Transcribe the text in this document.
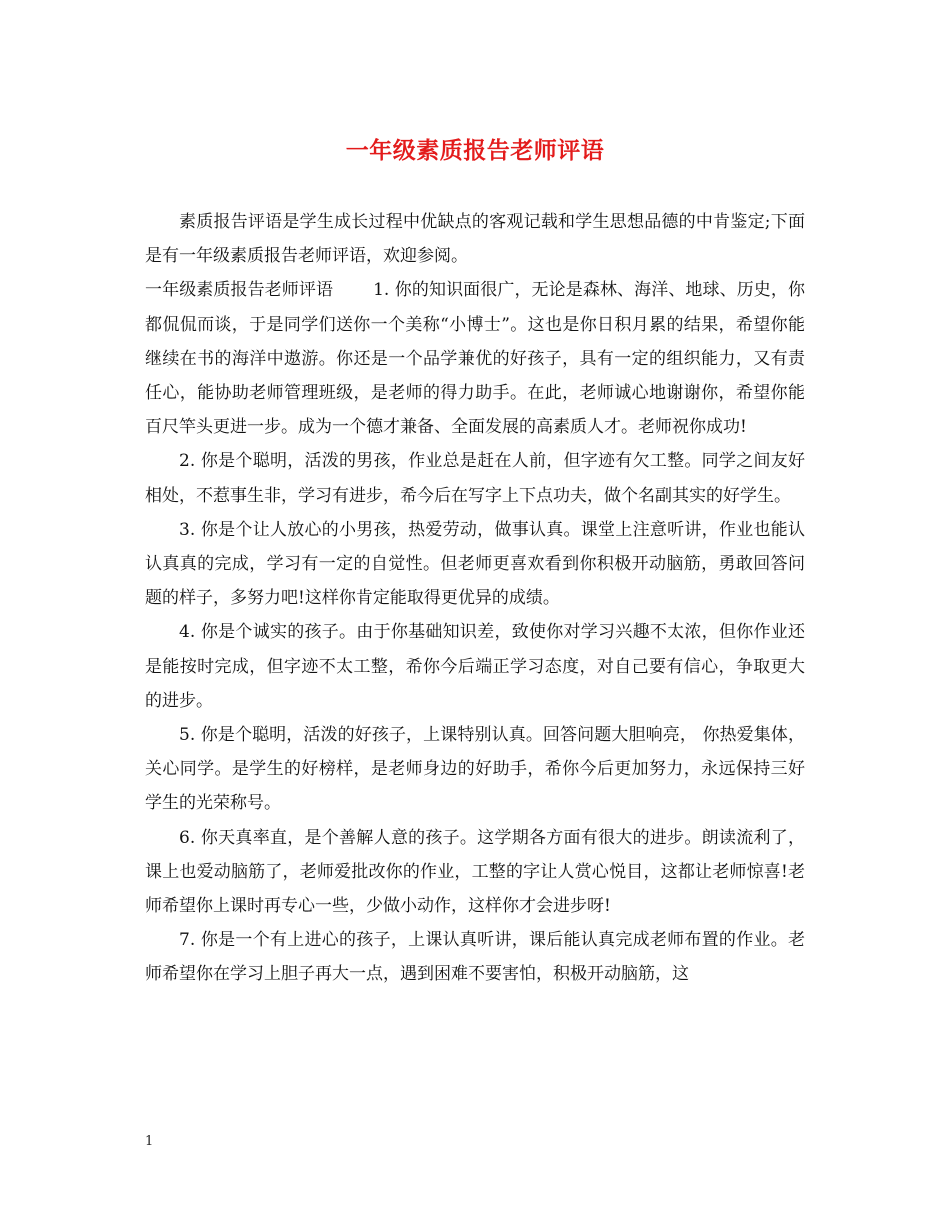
一年级素质报告老师评语

素质报告评语是学生成长过程中优缺点的客观记载和学生思想品德的中肯鉴定;下面是有一年级素质报告老师评语，欢迎参阅。

一年级素质报告老师评语 1. 你的知识面很广，无论是森林、海洋、地球、历史，你都侃侃而谈，于是同学们送你一个美称“小博士”。这也是你日积月累的结果，希望你能继续在书的海洋中遨游。你还是一个品学兼优的好孩子，具有一定的组织能力，又有责任心，能协助老师管理班级，是老师的得力助手。在此，老师诚心地谢谢你，希望你能百尺竿头更进一步。成为一个德才兼备、全面发展的高素质人才。老师祝你成功!

2. 你是个聪明，活泼的男孩，作业总是赶在人前，但字迹有欠工整。同学之间友好相处，不惹事生非，学习有进步，希今后在写字上下点功夫，做个名副其实的好学生。

3. 你是个让人放心的小男孩，热爱劳动，做事认真。课堂上注意听讲，作业也能认认真真的完成，学习有一定的自觉性。但老师更喜欢看到你积极开动脑筋，勇敢回答问题的样子，多努力吧!这样你肯定能取得更优异的成绩。

4. 你是个诚实的孩子。由于你基础知识差，致使你对学习兴趣不太浓，但你作业还是能按时完成，但字迹不太工整，希你今后端正学习态度，对自己要有信心，争取更大的进步。

5. 你是个聪明，活泼的好孩子，上课特别认真。回答问题大胆响亮， 你热爱集体，关心同学。是学生的好榜样，是老师身边的好助手，希你今后更加努力，永远保持三好学生的光荣称号。

6. 你天真率直，是个善解人意的孩子。这学期各方面有很大的进步。朗读流利了，课上也爱动脑筋了，老师爱批改你的作业，工整的字让人赏心悦目，这都让老师惊喜!老师希望你上课时再专心一些，少做小动作，这样你才会进步呀!

7. 你是一个有上进心的孩子，上课认真听讲，课后能认真完成老师布置的作业。老师希望你在学习上胆子再大一点，遇到困难不要害怕，积极开动脑筋，这

1
